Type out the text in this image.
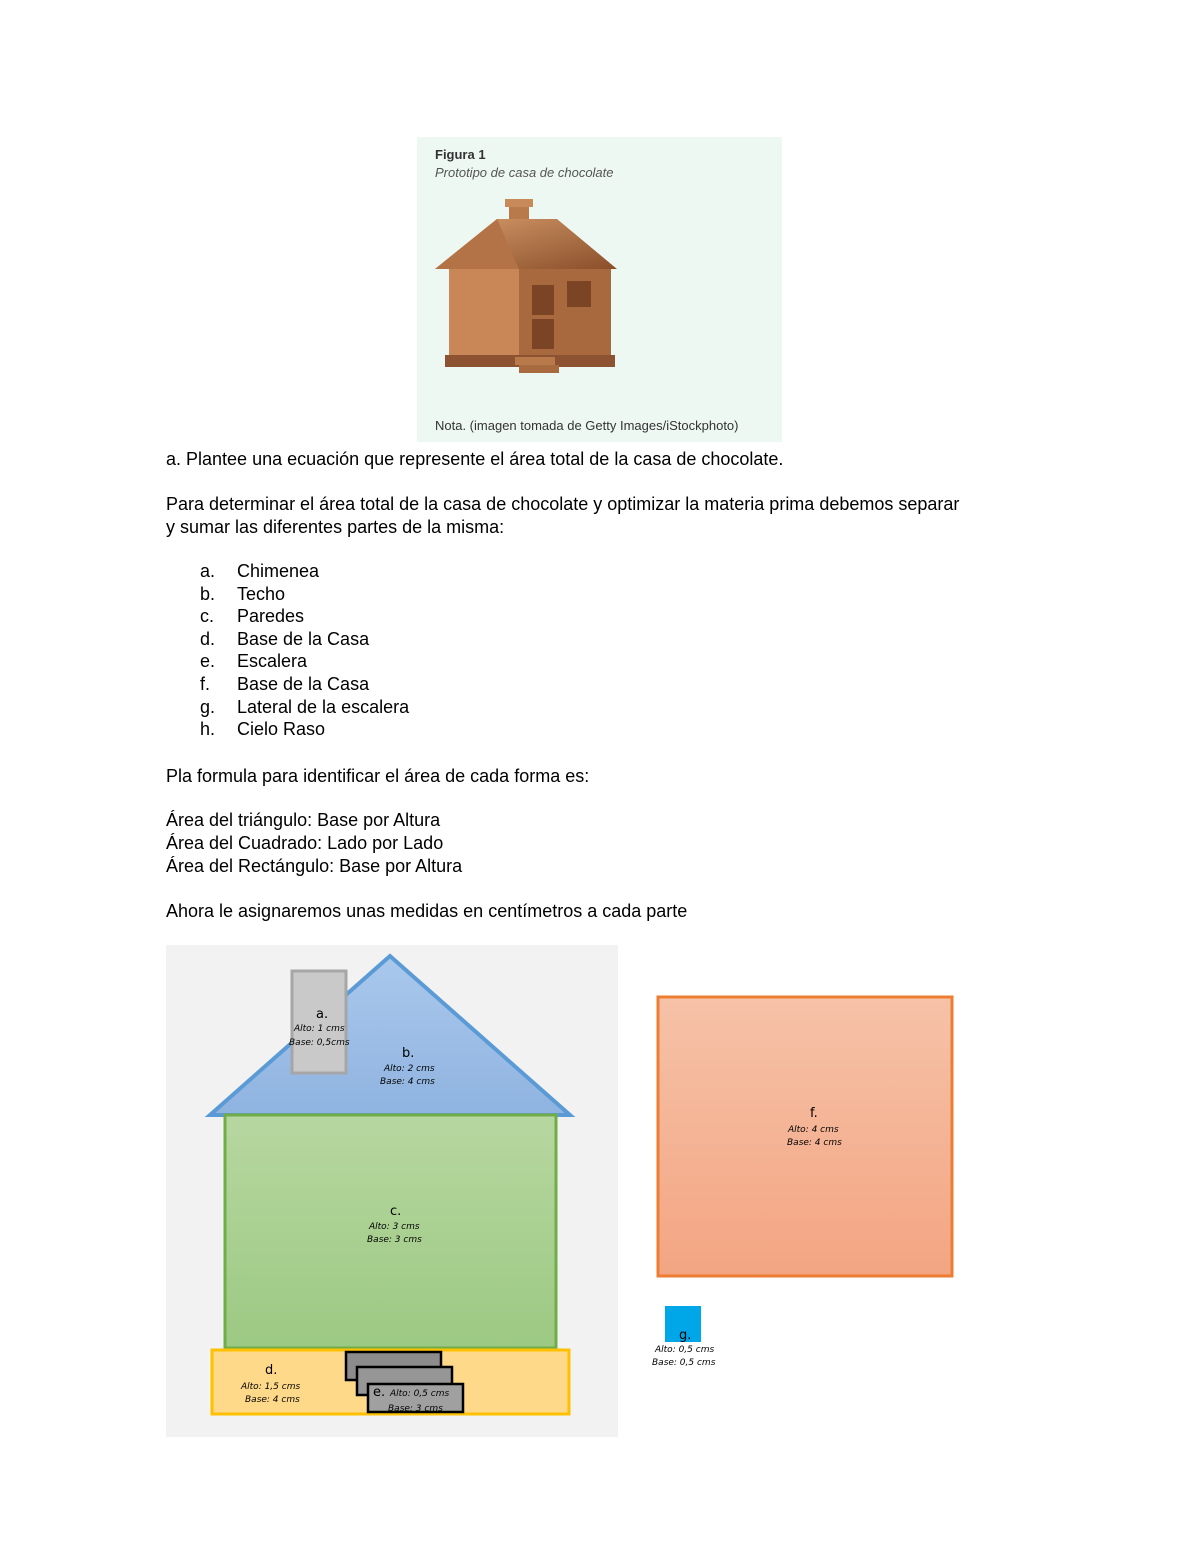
Figura 1
Prototipo de casa de chocolate
Nota. (imagen tomada de Getty Images/iStockphoto)
a. Plantee una ecuación que represente el área total de la casa de chocolate.
Para determinar el área total de la casa de chocolate y optimizar la materia prima debemos separar
y sumar las diferentes partes de la misma:
a.	Chimenea
b.	Techo
c.	Paredes
d.	Base de la Casa
e.	Escalera
f.	Base de la Casa
g.	Lateral de la escalera
h.	Cielo Raso
Pla formula para identificar el área de cada forma es:
Área del triángulo: Base por Altura
Área del Cuadrado: Lado por Lado
Área del Rectángulo: Base por Altura
Ahora le asignaremos unas medidas en centímetros a cada parte
a.
Alto: 1 cms
Base: 0,5cms
b.
Alto: 2 cms
Base: 4 cms
c.
Alto: 3 cms
Base: 3 cms
d.
Alto: 1,5 cms
Base: 4 cms	e. Alto: 0,5 cms
Base: 3 cms
f.
Alto: 4 cms
Base: 4 cms
g.
Alto: 0,5 cms
Base: 0,5 cms
